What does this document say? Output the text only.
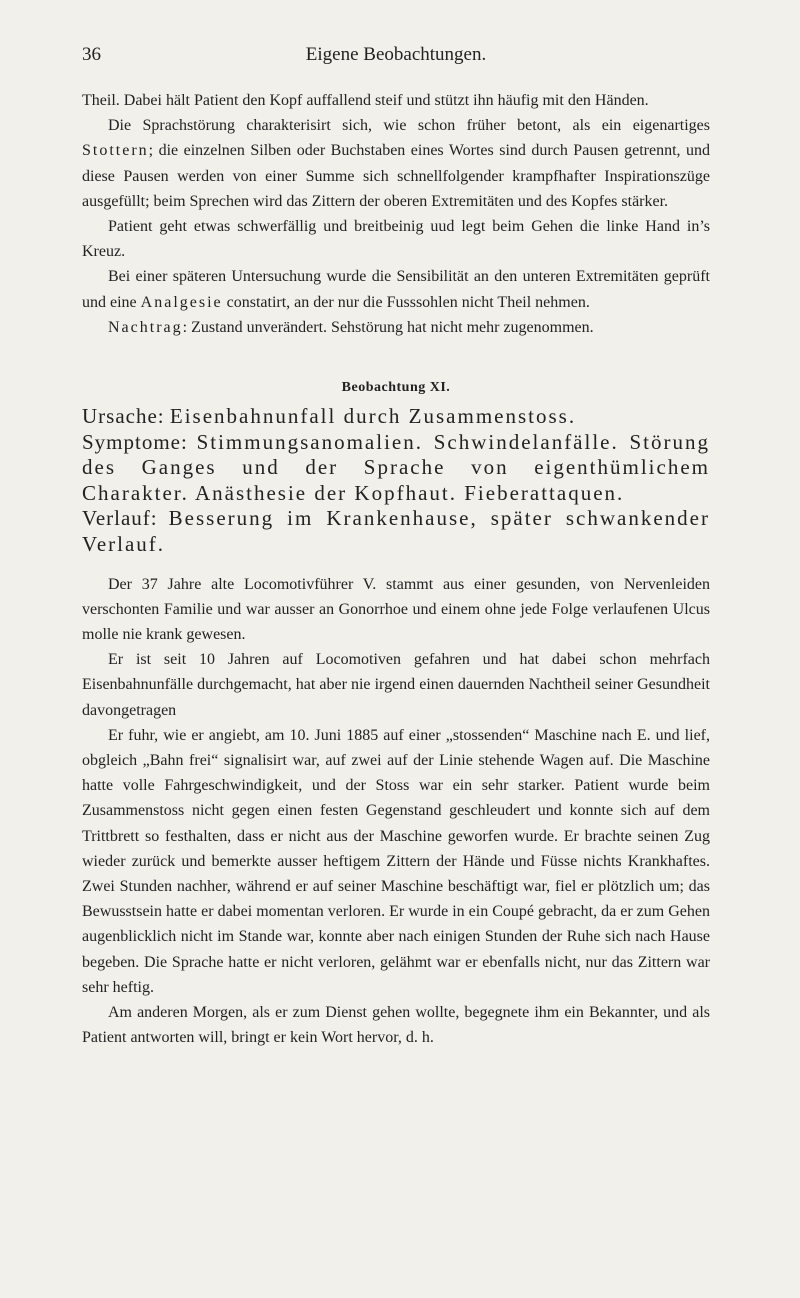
36	Eigene Beobachtungen.

Theil. Dabei hält Patient den Kopf auffallend steif und stützt ihn häufig mit den Händen.

Die Sprachstörung charakterisirt sich, wie schon früher betont, als ein eigenartiges Stottern; die einzelnen Silben oder Buchstaben eines Wortes sind durch Pausen getrennt, und diese Pausen werden von einer Summe sich schnellfolgender krampfhafter Inspirationszüge ausgefüllt; beim Sprechen wird das Zittern der oberen Extremitäten und des Kopfes stärker.

Patient geht etwas schwerfällig und breitbeinig uud legt beim Gehen die linke Hand in’s Kreuz.

Bei einer späteren Untersuchung wurde die Sensibilität an den unteren Extremitäten geprüft und eine Analgesie constatirt, an der nur die Fusssohlen nicht Theil nehmen.

Nachtrag: Zustand unverändert. Sehstörung hat nicht mehr zugenommen.

Beobachtung XI.

Ursache: Eisenbahnunfall durch Zusammenstoss.

Symptome: Stimmungsanomalien. Schwindelanfälle. Störung des Ganges und der Sprache von eigenthümlichem Charakter. Anästhesie der Kopfhaut. Fieberattaquen.

Verlauf: Besserung im Krankenhause, später schwankender Verlauf.

Der 37 Jahre alte Locomotivführer V. stammt aus einer gesunden, von Nervenleiden verschonten Familie und war ausser an Gonorrhoe und einem ohne jede Folge verlaufenen Ulcus molle nie krank gewesen.

Er ist seit 10 Jahren auf Locomotiven gefahren und hat dabei schon mehrfach Eisenbahnunfälle durchgemacht, hat aber nie irgend einen dauernden Nachtheil seiner Gesundheit davongetragen

Er fuhr, wie er angiebt, am 10. Juni 1885 auf einer „stossenden“ Maschine nach E. und lief, obgleich „Bahn frei“ signalisirt war, auf zwei auf der Linie stehende Wagen auf. Die Maschine hatte volle Fahrgeschwindigkeit, und der Stoss war ein sehr starker. Patient wurde beim Zusammenstoss nicht gegen einen festen Gegenstand geschleudert und konnte sich auf dem Trittbrett so festhalten, dass er nicht aus der Maschine geworfen wurde. Er brachte seinen Zug wieder zurück und bemerkte ausser heftigem Zittern der Hände und Füsse nichts Krankhaftes. Zwei Stunden nachher, während er auf seiner Maschine beschäftigt war, fiel er plötzlich um; das Bewusstsein hatte er dabei momentan verloren. Er wurde in ein Coupé gebracht, da er zum Gehen augenblicklich nicht im Stande war, konnte aber nach einigen Stunden der Ruhe sich nach Hause begeben. Die Sprache hatte er nicht verloren, gelähmt war er ebenfalls nicht, nur das Zittern war sehr heftig.

Am anderen Morgen, als er zum Dienst gehen wollte, begegnete ihm ein Bekannter, und als Patient antworten will, bringt er kein Wort hervor, d. h.
